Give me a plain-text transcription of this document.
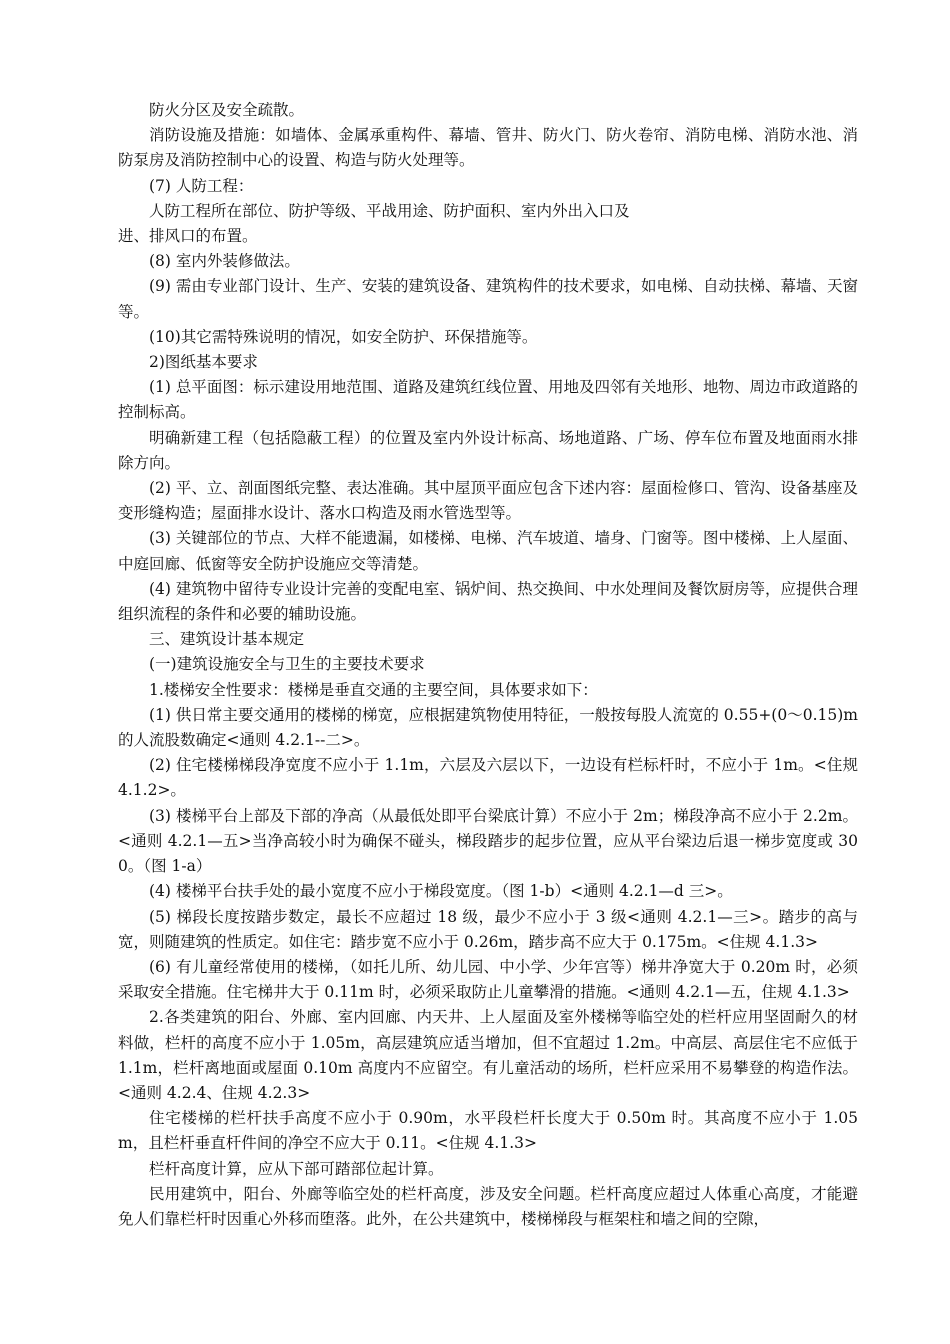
防火分区及安全疏散。

消防设施及措施：如墙体、金属承重构件、幕墙、管井、防火门、防火卷帘、消防电梯、消防水池、消防泵房及消防控制中心的设置、构造与防火处理等。

(7) 人防工程：

人防工程所在部位、防护等级、平战用途、防护面积、室内外出入口及

进、排风口的布置。

(8) 室内外装修做法。

(9) 需由专业部门设计、生产、安装的建筑设备、建筑构件的技术要求，如电梯、自动扶梯、幕墙、天窗等。

(10)其它需特殊说明的情况，如安全防护、环保措施等。

2)图纸基本要求

(1) 总平面图：标示建设用地范围、道路及建筑红线位置、用地及四邻有关地形、地物、周边市政道路的控制标高。

明确新建工程（包括隐蔽工程）的位置及室内外设计标高、场地道路、广场、停车位布置及地面雨水排除方向。

(2) 平、立、剖面图纸完整、表达准确。其中屋顶平面应包含下述内容：屋面检修口、管沟、设备基座及变形缝构造；屋面排水设计、落水口构造及雨水管选型等。

(3) 关键部位的节点、大样不能遗漏，如楼梯、电梯、汽车坡道、墙身、门窗等。图中楼梯、上人屋面、中庭回廊、低窗等安全防护设施应交等清楚。

(4) 建筑物中留待专业设计完善的变配电室、锅炉间、热交换间、中水处理间及餐饮厨房等，应提供合理组织流程的条件和必要的辅助设施。

三、建筑设计基本规定

(一)建筑设施安全与卫生的主要技术要求

1.楼梯安全性要求：楼梯是垂直交通的主要空间，具体要求如下：

(1) 供日常主要交通用的楼梯的梯宽，应根据建筑物使用特征，一般按每股人流宽的 0.55+(0～0.15)m 的人流股数确定<通则 4.2.1--二>。

(2) 住宅楼梯梯段净宽度不应小于 1.1m，六层及六层以下，一边设有栏标杆时，不应小于 1m。<住规 4.1.2>。

(3) 楼梯平台上部及下部的净高（从最低处即平台梁底计算）不应小于 2m；梯段净高不应小于 2.2m。<通则 4.2.1—五>当净高较小时为确保不碰头，梯段踏步的起步位置，应从平台梁边后退一梯步宽度或 300。（图 1-a）

(4) 楼梯平台扶手处的最小宽度不应小于梯段宽度。（图 1-b）<通则 4.2.1—d 三>。

(5) 梯段长度按踏步数定，最长不应超过 18 级，最少不应小于 3 级<通则 4.2.1—三>。踏步的高与宽，则随建筑的性质定。如住宅：踏步宽不应小于 0.26m，踏步高不应大于 0.175m。<住规 4.1.3>

(6) 有儿童经常使用的楼梯，（如托儿所、幼儿园、中小学、少年宫等）梯井净宽大于 0.20m 时，必须采取安全措施。住宅梯井大于 0.11m 时，必须采取防止儿童攀滑的措施。<通则 4.2.1—五，住规 4.1.3>

2.各类建筑的阳台、外廊、室内回廊、内天井、上人屋面及室外楼梯等临空处的栏杆应用坚固耐久的材料做，栏杆的高度不应小于 1.05m，高层建筑应适当增加，但不宜超过 1.2m。中高层、高层住宅不应低于 1.1m，栏杆离地面或屋面 0.10m 高度内不应留空。有儿童活动的场所，栏杆应采用不易攀登的构造作法。<通则 4.2.4、住规 4.2.3>

住宅楼梯的栏杆扶手高度不应小于 0.90m，水平段栏杆长度大于 0.50m 时。其高度不应小于 1.05m，且栏杆垂直杆件间的净空不应大于 0.11。<住规 4.1.3>

栏杆高度计算，应从下部可踏部位起计算。

民用建筑中，阳台、外廊等临空处的栏杆高度，涉及安全问题。栏杆高度应超过人体重心高度，才能避免人们靠栏杆时因重心外移而堕落。此外，在公共建筑中，楼梯梯段与框架柱和墙之间的空隙，
